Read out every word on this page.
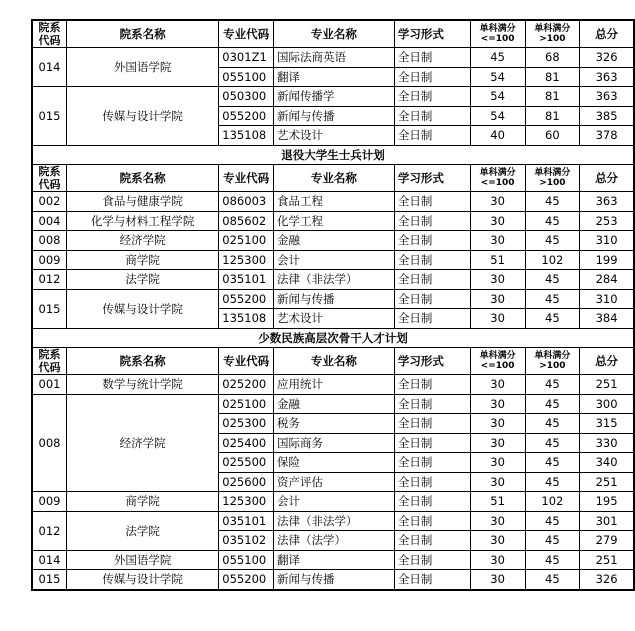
院系代码	院系名称	专业代码	专业名称	学习形式	单科满分<=100	单科满分>100	总分
014	外国语学院	0301Z1	国际法商英语	全日制	45	68	326
		055100	翻译	全日制	54	81	363
015	传媒与设计学院	050300	新闻传播学	全日制	54	81	363
		055200	新闻与传播	全日制	54	81	385
		135108	艺术设计	全日制	40	60	378
退役大学生士兵计划							
院系代码	院系名称	专业代码	专业名称	学习形式	单科满分<=100	单科满分>100	总分
002	食品与健康学院	086003	食品工程	全日制	30	45	363
004	化学与材料工程学院	085602	化学工程	全日制	30	45	253
008	经济学院	025100	金融	全日制	30	45	310
009	商学院	125300	会计	全日制	51	102	199
012	法学院	035101	法律（非法学）	全日制	30	45	284
015	传媒与设计学院	055200	新闻与传播	全日制	30	45	310
		135108	艺术设计	全日制	30	45	384
少数民族高层次骨干人才计划							
院系代码	院系名称	专业代码	专业名称	学习形式	单科满分<=100	单科满分>100	总分
001	数学与统计学院	025200	应用统计	全日制	30	45	251
008	经济学院	025100	金融	全日制	30	45	300
		025300	税务	全日制	30	45	315
		025400	国际商务	全日制	30	45	330
		025500	保险	全日制	30	45	340
		025600	资产评估	全日制	30	45	251
009	商学院	125300	会计	全日制	51	102	195
012	法学院	035101	法律（非法学）	全日制	30	45	301
		035102	法律（法学）	全日制	30	45	279
014	外国语学院	055100	翻译	全日制	30	45	251
015	传媒与设计学院	055200	新闻与传播	全日制	30	45	326
